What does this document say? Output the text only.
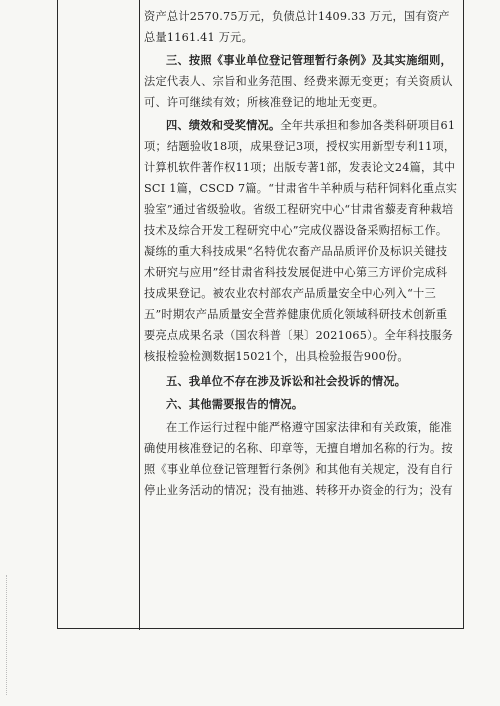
资产总计2570.75万元，负债总计1409.33 万元，国有资产总量1161.41 万元。

三、按照《事业单位登记管理暂行条例》及其实施细则，法定代表人、宗旨和业务范围、经费来源无变更；有关资质认可、许可继续有效；所核准登记的地址无变更。

四、绩效和受奖情况。全年共承担和参加各类科研项目61项；结题验收18项，成果登记3项，授权实用新型专利11项，计算机软件著作权11项；出版专著1部，发表论文24篇，其中SCI 1篇，CSCD 7篇。“甘肃省牛羊种质与秸秆饲料化重点实验室”通过省级验收。省级工程研究中心“甘肃省藜麦育种栽培技术及综合开发工程研究中心”完成仪器设备采购招标工作。凝练的重大科技成果“名特优农畜产品品质评价及标识关键技术研究与应用”经甘肃省科技发展促进中心第三方评价完成科技成果登记。被农业农村部农产品质量安全中心列入“十三五”时期农产品质量安全营养健康优质化领域科研技术创新重要亮点成果名录（国农科普〔果〕2021065）。全年科技服务核报检验检测数据15021个，出具检验报告900份。

五、我单位不存在涉及诉讼和社会投诉的情况。

六、其他需要报告的情况。

在工作运行过程中能严格遵守国家法律和有关政策，能准确使用核准登记的名称、印章等，无擅自增加名称的行为。按照《事业单位登记管理暂行条例》和其他有关规定，没有自行停止业务活动的情况；没有抽逃、转移开办资金的行为；没有
